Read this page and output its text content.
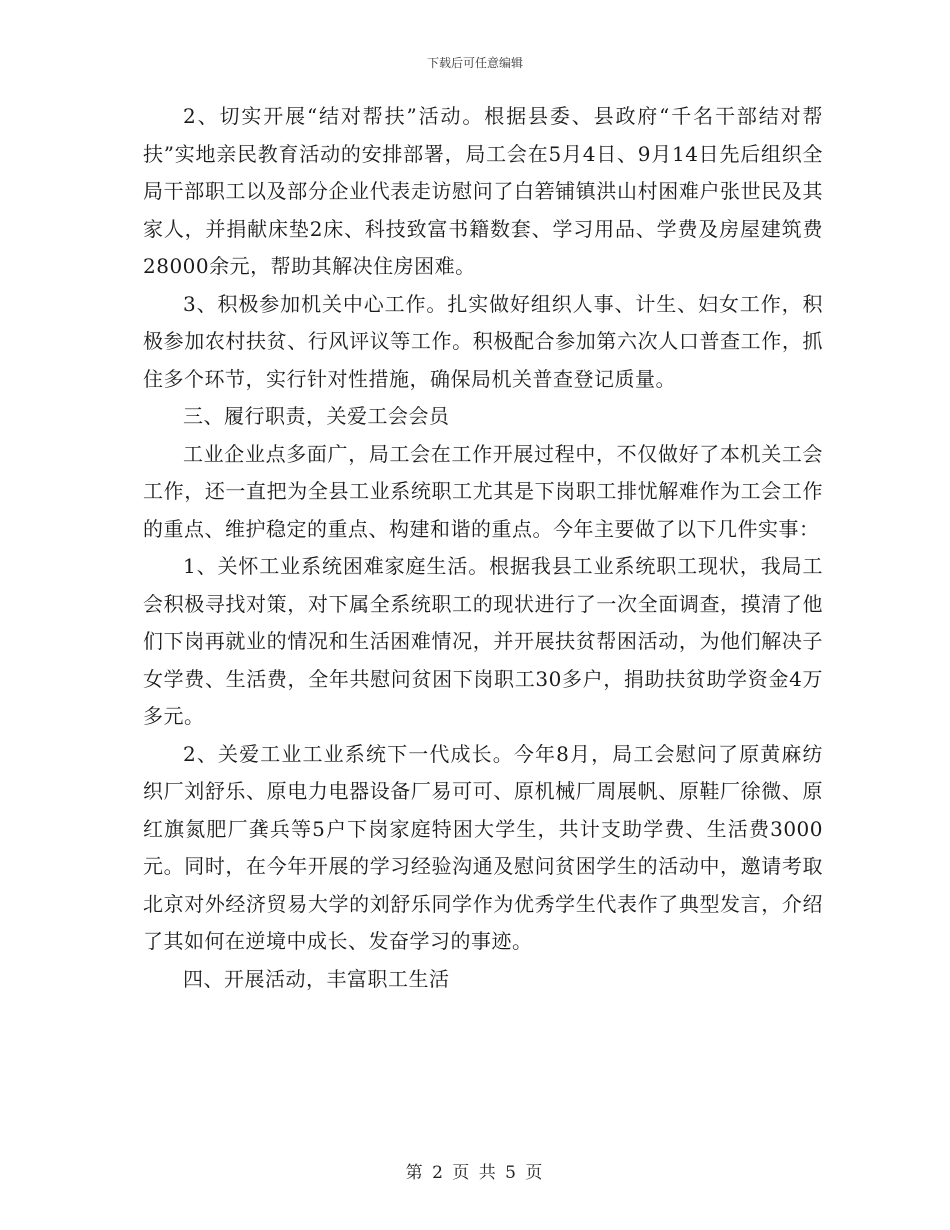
下载后可任意编辑

2、切实开展“结对帮扶”活动。根据县委、县政府“千名干部结对帮扶”实地亲民教育活动的安排部署，局工会在5月4日、9月14日先后组织全局干部职工以及部分企业代表走访慰问了白箬铺镇洪山村困难户张世民及其家人，并捐献床垫2床、科技致富书籍数套、学习用品、学费及房屋建筑费28000余元，帮助其解决住房困难。

3、积极参加机关中心工作。扎实做好组织人事、计生、妇女工作，积极参加农村扶贫、行风评议等工作。积极配合参加第六次人口普查工作，抓住多个环节，实行针对性措施，确保局机关普查登记质量。

三、履行职责，关爱工会会员

工业企业点多面广，局工会在工作开展过程中，不仅做好了本机关工会工作，还一直把为全县工业系统职工尤其是下岗职工排忧解难作为工会工作的重点、维护稳定的重点、构建和谐的重点。今年主要做了以下几件实事：

1、关怀工业系统困难家庭生活。根据我县工业系统职工现状，我局工会积极寻找对策，对下属全系统职工的现状进行了一次全面调查，摸清了他们下岗再就业的情况和生活困难情况，并开展扶贫帮困活动，为他们解决子女学费、生活费，全年共慰问贫困下岗职工30多户，捐助扶贫助学资金4万多元。

2、关爱工业工业系统下一代成长。今年8月，局工会慰问了原黄麻纺织厂刘舒乐、原电力电器设备厂易可可、原机械厂周展帆、原鞋厂徐微、原红旗氮肥厂龚兵等5户下岗家庭特困大学生，共计支助学费、生活费3000元。同时，在今年开展的学习经验沟通及慰问贫困学生的活动中，邀请考取北京对外经济贸易大学的刘舒乐同学作为优秀学生代表作了典型发言，介绍了其如何在逆境中成长、发奋学习的事迹。

四、开展活动，丰富职工生活

第 2 页 共 5 页
